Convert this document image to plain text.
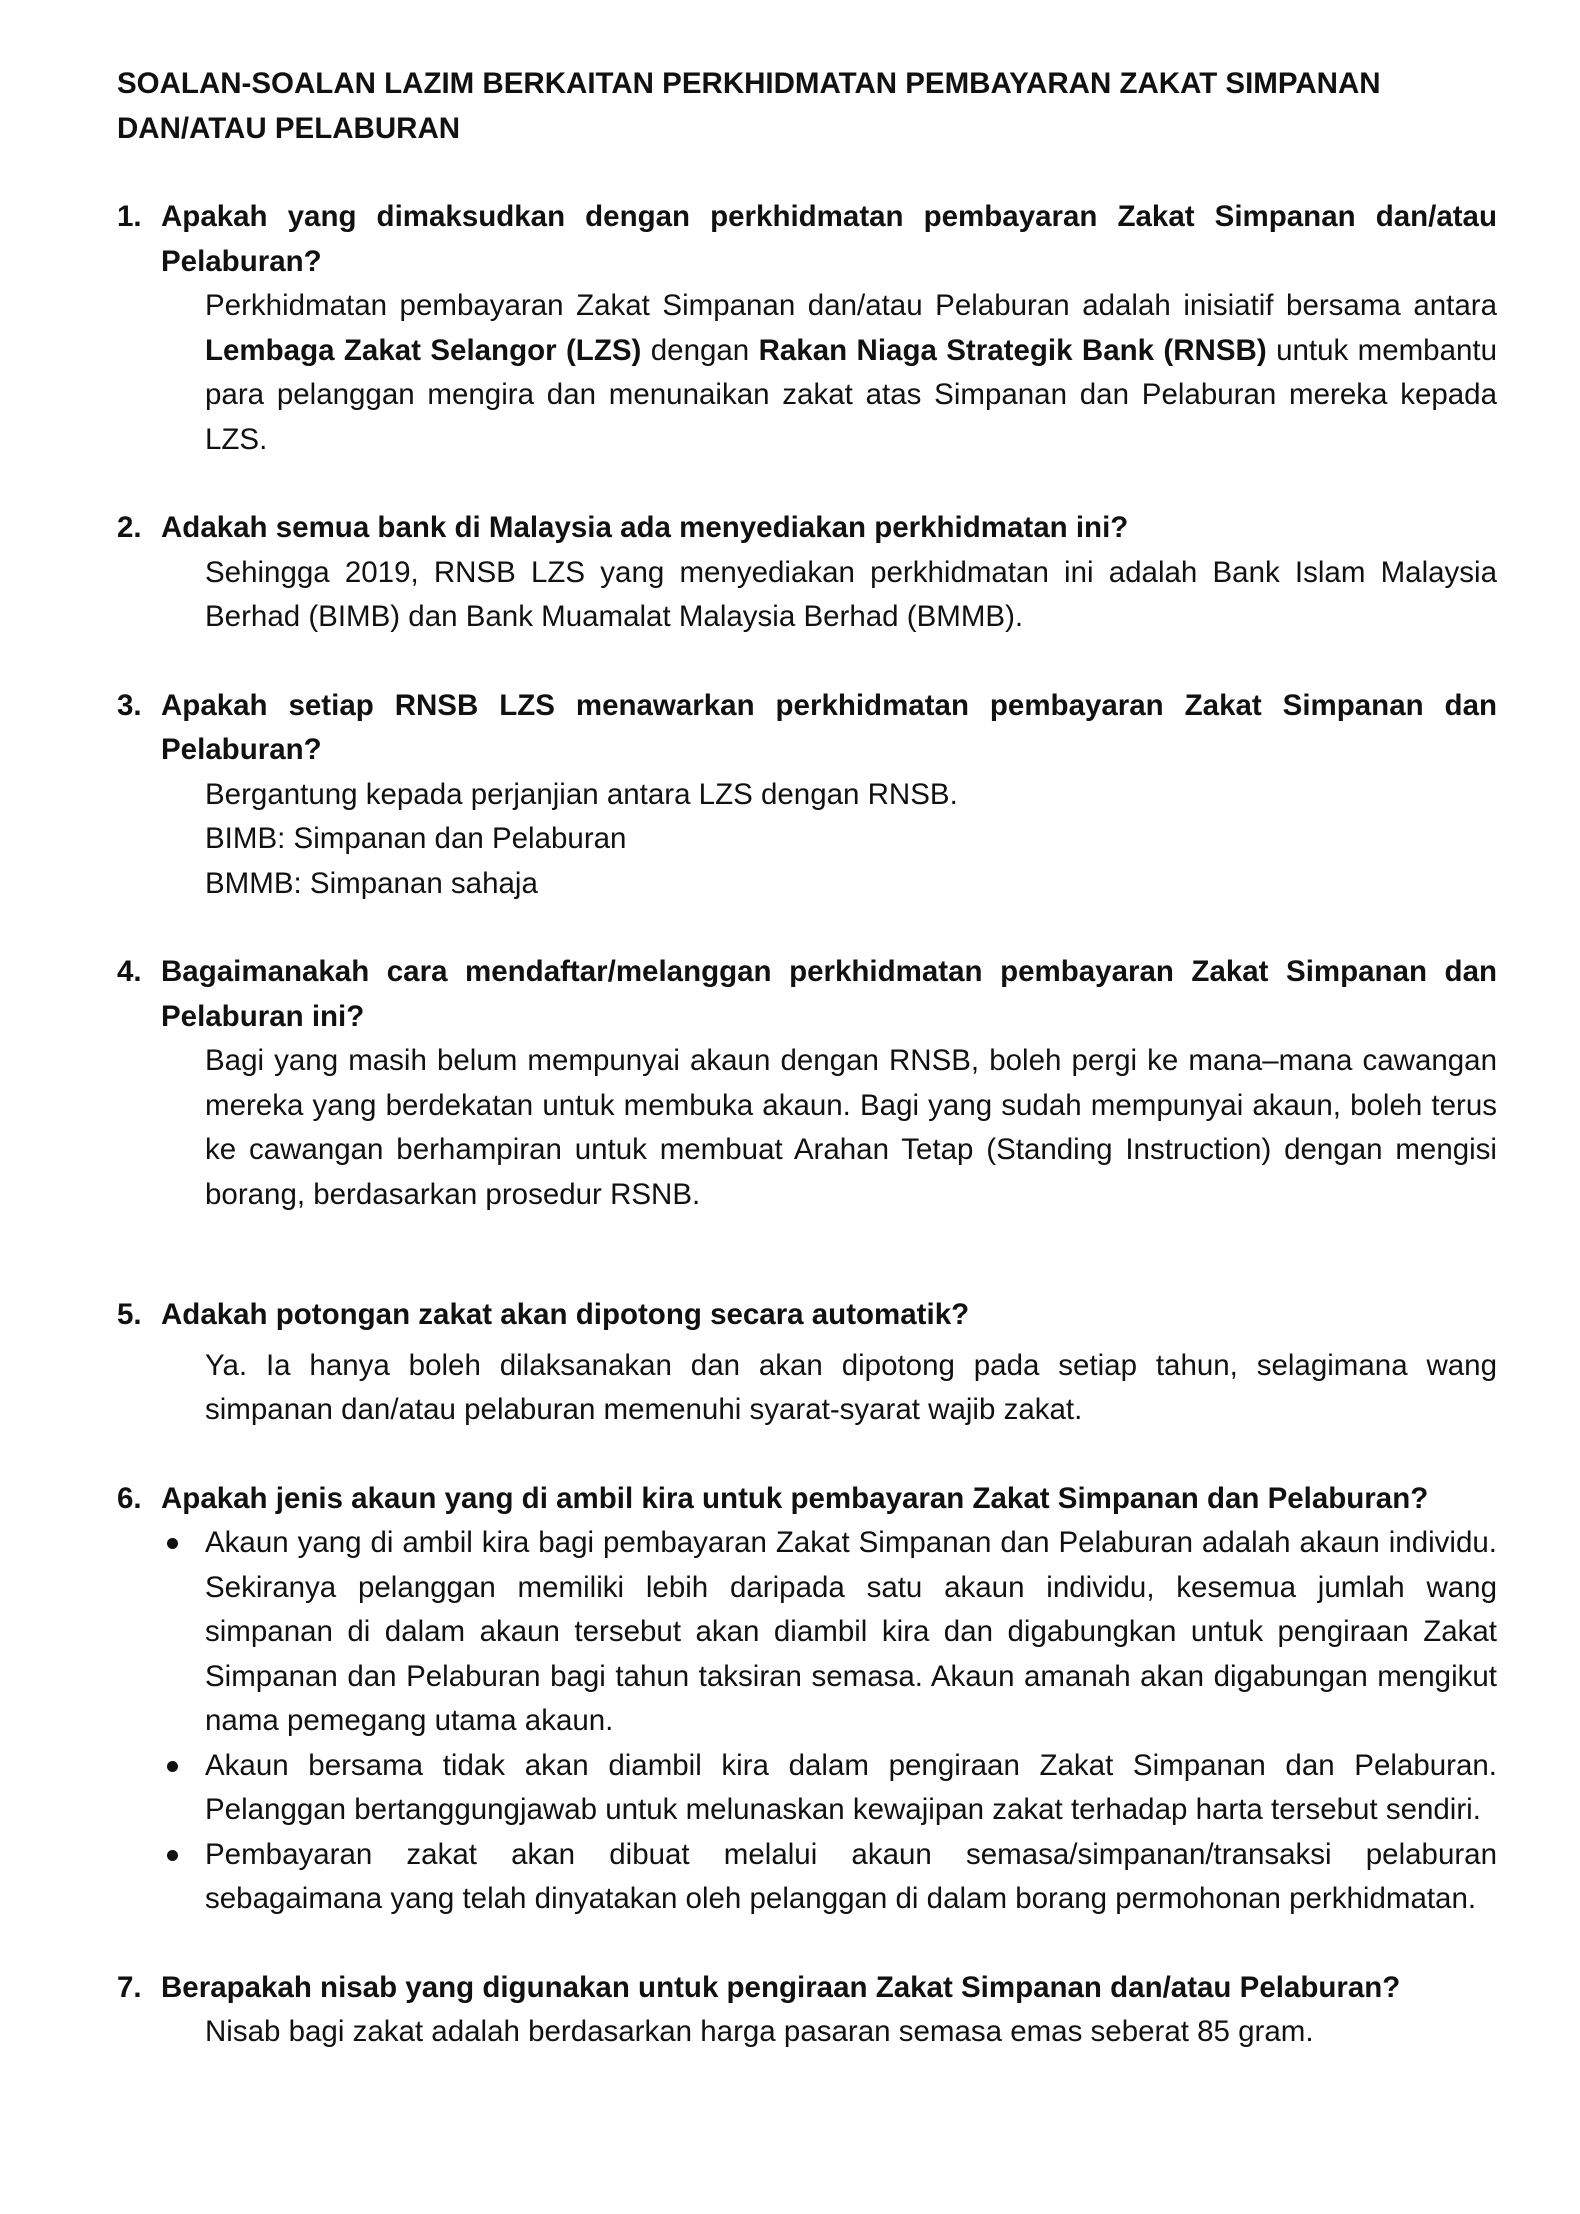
SOALAN-SOALAN LAZIM BERKAITAN PERKHIDMATAN PEMBAYARAN ZAKAT SIMPANAN DAN/ATAU PELABURAN
1. Apakah yang dimaksudkan dengan perkhidmatan pembayaran Zakat Simpanan dan/atau Pelaburan?

Perkhidmatan pembayaran Zakat Simpanan dan/atau Pelaburan adalah inisiatif bersama antara Lembaga Zakat Selangor (LZS) dengan Rakan Niaga Strategik Bank (RNSB) untuk membantu para pelanggan mengira dan menunaikan zakat atas Simpanan dan Pelaburan mereka kepada LZS.

2. Adakah semua bank di Malaysia ada menyediakan perkhidmatan ini?

Sehingga 2019, RNSB LZS yang menyediakan perkhidmatan ini adalah Bank Islam Malaysia Berhad (BIMB) dan Bank Muamalat Malaysia Berhad (BMMB).

3. Apakah setiap RNSB LZS menawarkan perkhidmatan pembayaran Zakat Simpanan dan Pelaburan?

Bergantung kepada perjanjian antara LZS dengan RNSB.

BIMB: Simpanan dan Pelaburan

BMMB: Simpanan sahaja

4. Bagaimanakah cara mendaftar/melanggan perkhidmatan pembayaran Zakat Simpanan dan Pelaburan ini?

Bagi yang masih belum mempunyai akaun dengan RNSB, boleh pergi ke mana–mana cawangan mereka yang berdekatan untuk membuka akaun. Bagi yang sudah mempunyai akaun, boleh terus ke cawangan berhampiran untuk membuat Arahan Tetap (Standing Instruction) dengan mengisi borang, berdasarkan prosedur RSNB.

5. Adakah potongan zakat akan dipotong secara automatik?

Ya. Ia hanya boleh dilaksanakan dan akan dipotong pada setiap tahun, selagimana wang simpanan dan/atau pelaburan memenuhi syarat-syarat wajib zakat.

6. Apakah jenis akaun yang di ambil kira untuk pembayaran Zakat Simpanan dan Pelaburan?
Akaun yang di ambil kira bagi pembayaran Zakat Simpanan dan Pelaburan adalah akaun individu. Sekiranya pelanggan memiliki lebih daripada satu akaun individu, kesemua jumlah wang simpanan di dalam akaun tersebut akan diambil kira dan digabungkan untuk pengiraan Zakat Simpanan dan Pelaburan bagi tahun taksiran semasa. Akaun amanah akan digabungan mengikut nama pemegang utama akaun.
Akaun bersama tidak akan diambil kira dalam pengiraan Zakat Simpanan dan Pelaburan. Pelanggan bertanggungjawab untuk melunaskan kewajipan zakat terhadap harta tersebut sendiri.
Pembayaran zakat akan dibuat melalui akaun semasa/simpanan/transaksi pelaburan sebagaimana yang telah dinyatakan oleh pelanggan di dalam borang permohonan perkhidmatan.
7. Berapakah nisab yang digunakan untuk pengiraan Zakat Simpanan dan/atau Pelaburan?

Nisab bagi zakat adalah berdasarkan harga pasaran semasa emas seberat 85 gram.
